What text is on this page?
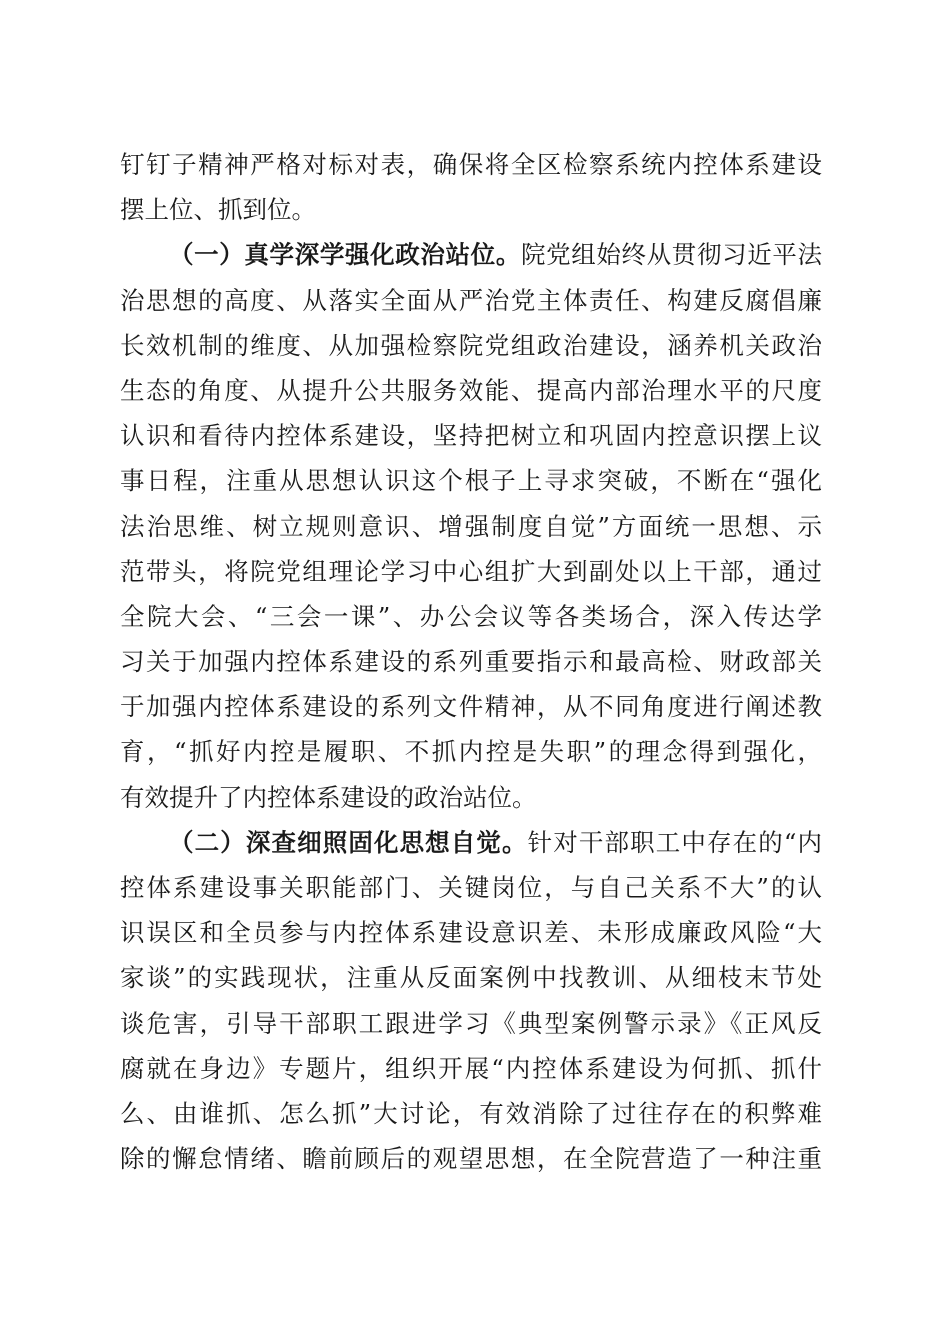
钉钉子精神严格对标对表，确保将全区检察系统内控体系建设
摆上位、抓到位。
（一）真学深学强化政治站位。院党组始终从贯彻习近平法
治思想的高度、从落实全面从严治党主体责任、构建反腐倡廉
长效机制的维度、从加强检察院党组政治建设，涵养机关政治
生态的角度、从提升公共服务效能、提高内部治理水平的尺度
认识和看待内控体系建设，坚持把树立和巩固内控意识摆上议
事日程，注重从思想认识这个根子上寻求突破，不断在“强化
法治思维、树立规则意识、增强制度自觉”方面统一思想、示
范带头，将院党组理论学习中心组扩大到副处以上干部，通过
全院大会、“三会一课”、办公会议等各类场合，深入传达学
习关于加强内控体系建设的系列重要指示和最高检、财政部关
于加强内控体系建设的系列文件精神，从不同角度进行阐述教
育，“抓好内控是履职、不抓内控是失职”的理念得到强化，
有效提升了内控体系建设的政治站位。
（二）深查细照固化思想自觉。针对干部职工中存在的“内
控体系建设事关职能部门、关键岗位，与自己关系不大”的认
识误区和全员参与内控体系建设意识差、未形成廉政风险“大
家谈”的实践现状，注重从反面案例中找教训、从细枝末节处
谈危害，引导干部职工跟进学习《典型案例警示录》《正风反
腐就在身边》专题片，组织开展“内控体系建设为何抓、抓什
么、由谁抓、怎么抓”大讨论，有效消除了过往存在的积弊难
除的懈怠情绪、瞻前顾后的观望思想，在全院营造了一种注重
